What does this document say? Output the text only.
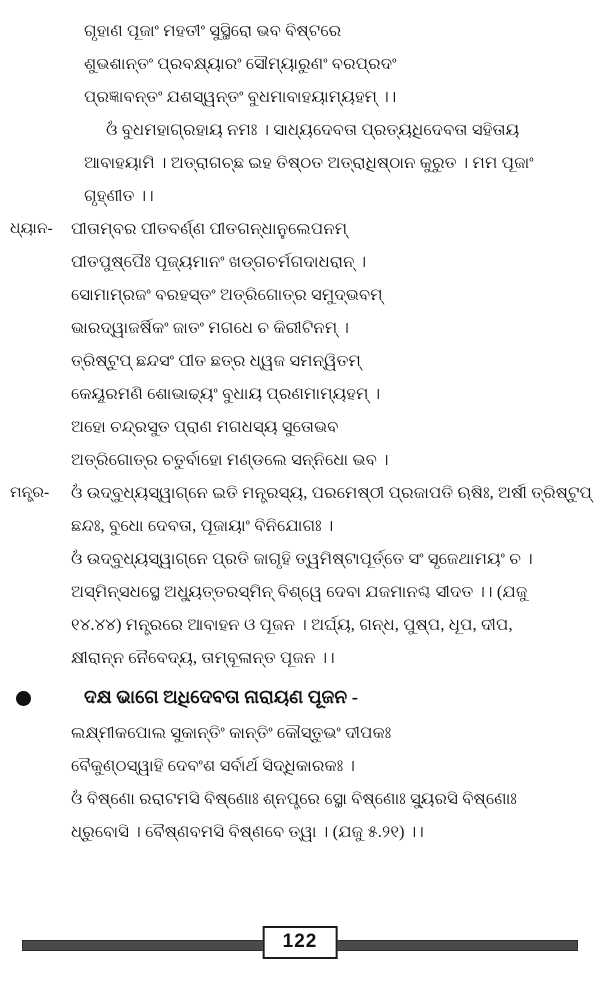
ଗୃହାଣ ପୂଜାଂ ମହତୀଂ ସୁସ୍ଥିରୋ ଭବ ବିଷ୍ଟରେ
ଶୁଭଶାନ୍ତଂ ପ୍ରବକ୍ଷ୍ୟାରଂ ସୌମ୍ୟାରୁଣଂ ବରପ୍ରଦଂ
ପ୍ରଜ୍ଞାବନ୍ତଂ ଯଶସ୍ୱନ୍ତଂ ବୁଧମାବାହୟାମ୍ୟହମ୍ ।।
ଓଁ ବୁଧମହାଗ୍ରହାୟ ନମଃ । ସାଧ୍ୟଦେବତା ପ୍ରତ୍ୟଧିଦେବତା ସହିତାୟ
ଆବାହୟାମି । ଅତ୍ରାଗଚ୍ଛ ଇହ ତିଷ୍ଠତ ଅତ୍ରାଧିଷ୍ଠାନ କୁରୁତ । ମମ ପୂଜାଂ
ଗୃହ୍ଣୀତ ।।
ଧ୍ୟାନ-	ପୀତାମ୍ବର ପୀତବର୍ଣ୍ଣ ପୀତଗନ୍ଧାନୁଲେପନମ୍
ପୀତପୁଷ୍ପୈଃ ପୂଜ୍ୟମାନଂ ଖଡ୍ଗଚର୍ମଗଦାଧରାନ୍ ।
ସୋମାମ୍ରଜଂ ବରହସ୍ତଂ ଅତ୍ରିଗୋତ୍ର ସମୁଦ୍ଭବମ୍
ଭାରଦ୍ୱାଜର୍ଷିକଂ ଜାତଂ ମଗଧେ ଚ କିରୀଟିନମ୍ ।
ତ୍ରିଷ୍ଟୁପ୍ ଛନ୍ଦସଂ ପୀତ ଛତ୍ର ଧ୍ୱଜ ସମନ୍ୱିତମ୍
କେୟୂରମଣି ଶୋଭାଢ୍ୟଂ ବୁଧାୟ ପ୍ରଣମାମ୍ୟହମ୍ ।
ଅହୋ ଚନ୍ଦ୍ରସୁତ ପ୍ରାଣ ମଗଧସ୍ୟ ସୁତୋଭବ
ଅତ୍ରିଗୋତ୍ର ଚତୁର୍ବାହୋ ମଣ୍ଡଲେ ସନ୍ନିଧୋ ଭବ ।
ମନ୍ତ୍ର-	ଓଁ ଉଦ୍‌ବୁଧ୍ୟସ୍ୱାଗ୍ନେ ଇତି ମନ୍ତ୍ରସ୍ୟ, ପରମେଷ୍ଠୀ ପ୍ରଜାପତି ଋଷିଃ, ଅର୍ଷୀ ତ୍ରିଷ୍ଟୁପ୍
ଛନ୍ଦଃ, ବୁଧୋ ଦେବତା, ପୂଜାୟାଂ ବିନିଯୋଗଃ ।
ଓଁ ଉଦ୍‌ବୁଧ୍ୟସ୍ୱାଗ୍ନେ ପ୍ରତି ଜାଗୃହି ତ୍ୱମିଷ୍ଟାପୂର୍ତ୍ତେ ସଂ ସୃଜେଥାମୟଂ ଚ ।
ଅସ୍ମିନ୍‌ସଧସ୍ଥେ ଅଧ୍ୟୁତ୍ତରସ୍ମିନ୍ ବିଶ୍ୱେ ଦେବା ଯଜମାନଶ୍ଚ ସୀଦତ ।। (ଯଜୁ
୧୪.୪୪) ମନ୍ତ୍ରରେ ଆବାହନ ଓ ପୂଜନ । ଅର୍ଘ୍ୟ, ଗନ୍ଧ, ପୁଷ୍ପ, ଧୂପ, ଦୀପ,
କ୍ଷୀରାନ୍ନ ନୈବେଦ୍ୟ, ତାମ୍ବୂଳାନ୍ତ ପୂଜନ ।।
ଦକ୍ଷ ଭାଗେ ଅଧିଦେବତା ନାରାୟଣ ପୂଜନ -
ଲକ୍ଷ୍ମୀକପୋଲ ସୁକାନ୍ତିଂ କାନ୍ତିଂ କୌସ୍ତୁଭଂ ଦୀପକଃ
ବୈକୁଣ୍ଠସ୍ୱାହି ଦେବଂଶ ସର୍ବାର୍ଥ ସିଦ୍ଧିକାରକଃ ।
ଓଁ ବିଷ୍ଣୋ ରରାଟମସି ବିଷ୍ଣୋଃ ଶ୍ନପ୍ତ୍ରେ ସ୍ଥୋ ବିଷ୍ଣୋଃ ସ୍ୟୁରସି ବିଷ୍ଣୋଃ
ଧ୍ରୁବୋସି । ବୈଷ୍ଣବମସି ବିଷ୍ଣବେ ତ୍ୱା । (ଯଜୁ ୫.୨୧) ।।
122
